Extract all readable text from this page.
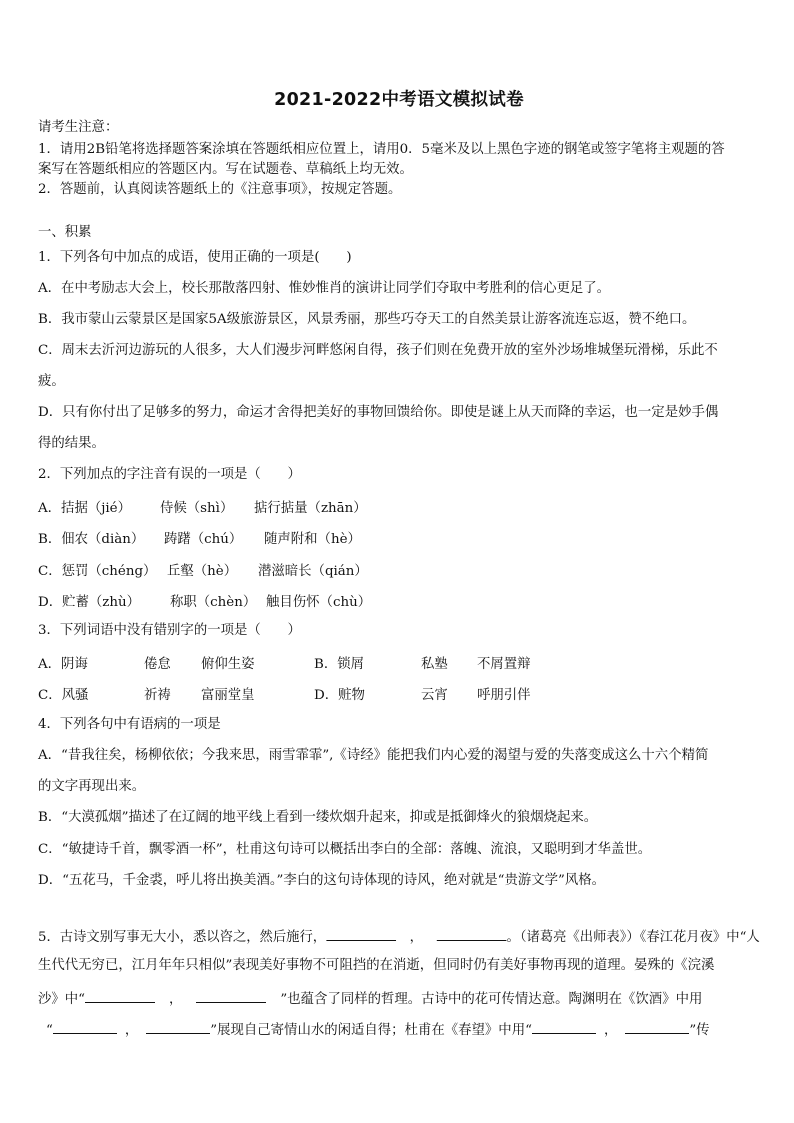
2021-2022中考语文模拟试卷
请考生注意：
1．请用2B铅笔将选择题答案涂填在答题纸相应位置上，请用0．5毫米及以上黑色字迹的钢笔或签字笔将主观题的答
案写在答题纸相应的答题区内。写在试题卷、草稿纸上均无效。
2．答题前，认真阅读答题纸上的《注意事项》，按规定答题。
一、积累
1．下列各句中加点的成语，使用正确的一项是(　　)
A．在中考励志大会上，校长那散落四射、惟妙惟肖的演讲让同学们夺取中考胜利的信心更足了。
B．我市蒙山云蒙景区是国家5A级旅游景区，风景秀丽，那些巧夺天工的自然美景让游客流连忘返，赞不绝口。
C．周末去沂河边游玩的人很多，大人们漫步河畔悠闲自得，孩子们则在免费开放的室外沙场堆城堡玩滑梯，乐此不
疲。
D．只有你付出了足够多的努力，命运才舍得把美好的事物回馈给你。即使是谜上从天而降的幸运，也一定是妙手偶
得的结果。
2．下列加点的字注音有误的一项是（　　）
A．拮据（jié） 侍候（shì） 掂行掂量（zhān）
B．佃农（diàn） 踌躇（chú） 随声附和（hè）
C．惩罚（chéng） 丘壑（hè） 潜滋暗长（qián）
D．贮蓄（zhù） 称职（chèn） 触目伤怀（chù）
3．下列词语中没有错别字的一项是（　　）
A．阴诲	倦怠 俯仰生姿	B．锁屑	私塾 不屑置辩
C．风骚	祈祷 富丽堂皇	D．赃物	云宵 呼朋引伴
4．下列各句中有语病的一项是
A．“昔我往矣，杨柳依依；今我来思，雨雪霏霏”,《诗经》能把我们内心爱的渴望与爱的失落变成这么十六个精简
的文字再现出来。
B．“大漠孤烟”描述了在辽阔的地平线上看到一缕炊烟升起来，抑或是抵御烽火的狼烟烧起来。
C．“敏捷诗千首，飘零酒一杯”，杜甫这句诗可以概括出李白的全部：落魄、流浪，又聪明到才华盖世。
D．“五花马，千金裘，呼儿将出换美酒。”李白的这句诗体现的诗风，绝对就是“贵游文学”风格。
5．古诗文别写事无大小，悉以咨之，然后施行，	，	。（诸葛亮《出师表》）《春江花月夜》中“人
生代代无穷已，江月年年只相似”表现美好事物不可阻挡的在消逝，但同时仍有美好事物再现的道理。晏殊的《浣溪
沙》中“	，	”也蕴含了同样的哲理。古诗中的花可传情达意。陶渊明在《饮酒》中用
“	，	”展现自己寄情山水的闲适自得；杜甫在《春望》中用“	，	”传
